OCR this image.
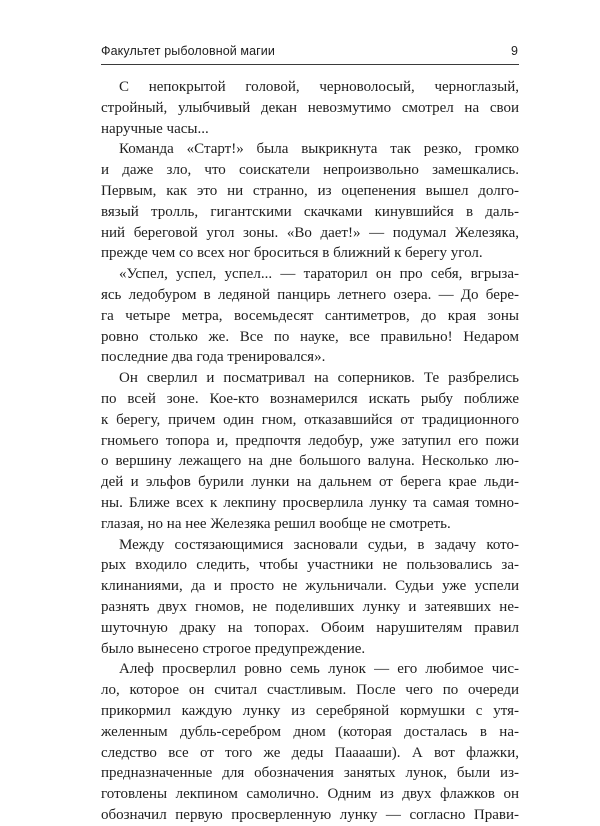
Факультет рыболовной магии	9
С непокрытой головой, черноволосый, черноглазый,
стройный, улыбчивый декан невозмутимо смотрел на свои
наручные часы...
Команда «Старт!» была выкрикнута так резко, громко
и даже зло, что соискатели непроизвольно замешкались.
Первым, как это ни странно, из оцепенения вышел долго-
вязый тролль, гигантскими скачками кинувшийся в даль-
ний береговой угол зоны. «Во дает!» — подумал Железяка,
прежде чем со всех ног броситься в ближний к берегу угол.
«Успел, успел, успел... — тараторил он про себя, вгрыза-
ясь ледобуром в ледяной панцирь летнего озера. — До бере-
га четыре метра, восемьдесят сантиметров, до края зоны
ровно столько же. Все по науке, все правильно! Недаром
последние два года тренировался».
Он сверлил и посматривал на соперников. Те разбрелись
по всей зоне. Кое-кто вознамерился искать рыбу поближе
к берегу, причем один гном, отказавшийся от традиционного
гномьего топора и, предпочтя ледобур, уже затупил его пожи
о вершину лежащего на дне большого валуна. Несколько лю-
дей и эльфов бурили лунки на дальнем от берега крае льди-
ны. Ближе всех к лекпину просверлила лунку та самая томно-
глазая, но на нее Железяка решил вообще не смотреть.
Между состязающимися засновали судьи, в задачу кото-
рых входило следить, чтобы участники не пользовались за-
клинаниями, да и просто не жульничали. Судьи уже успели
разнять двух гномов, не поделивших лунку и затеявших не-
шуточную драку на топорах. Обоим нарушителям правил
было вынесено строгое предупреждение.
Алеф просверлил ровно семь лунок — его любимое чис-
ло, которое он считал счастливым. После чего по очереди
прикормил каждую лунку из серебряной кормушки с утя-
желенным дубль-серебром дном (которая досталась в на-
следство все от того же деды Пааааши). А вот флажки,
предназначенные для обозначения занятых лунок, были из-
готовлены лекпином самолично. Одним из двух флажков он
обозначил первую просверленную лунку — согласно Прави-
